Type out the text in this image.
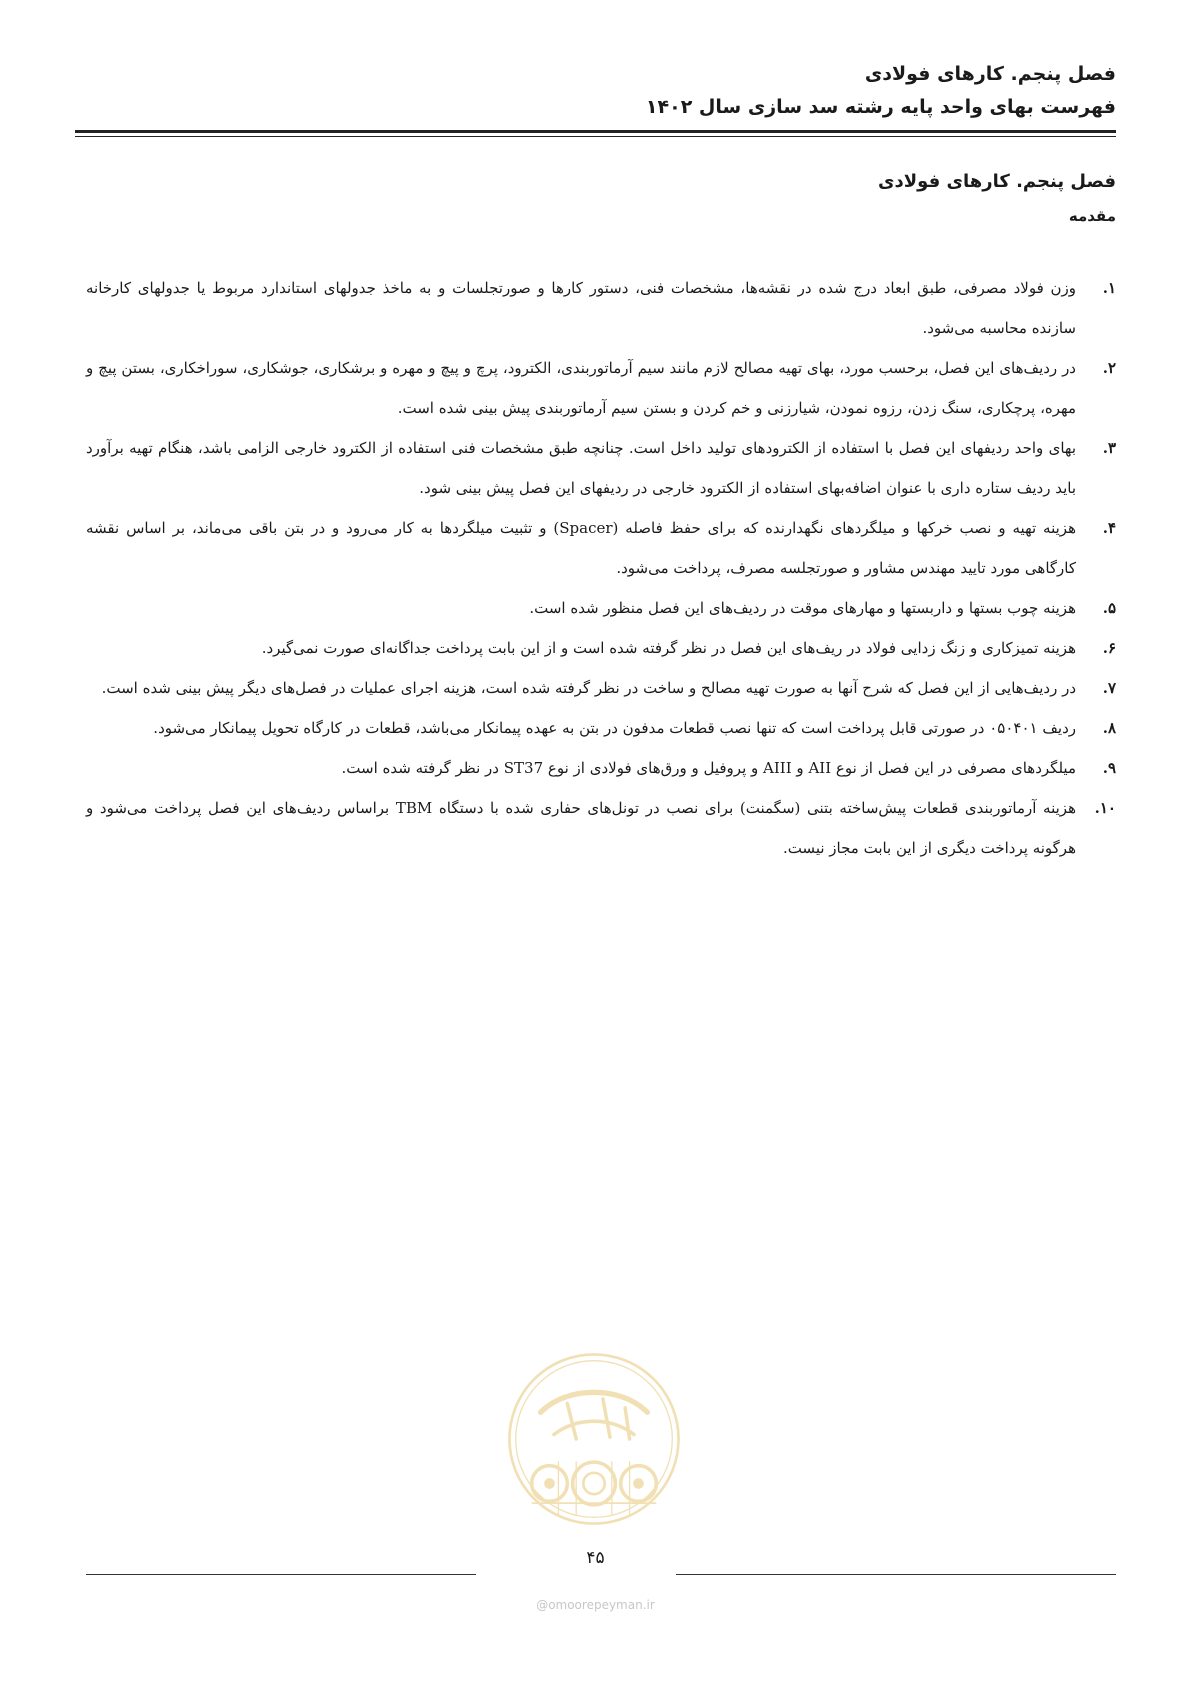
فصل پنجم. کارهای فولادی
فهرست بهای واحد پایه رشته سد سازی سال ۱۴۰۲
فصل پنجم. کارهای فولادی
مقدمه
۱.
وزن فولاد مصرفی، طبق ابعاد درج شده در نقشه‌ها، مشخصات فنی، دستور کارها و صورتجلسات و به ماخذ جدولهای استاندارد مربوط یا جدولهای کارخانه سازنده محاسبه می‌شود.
۲.
در ردیف‌های این فصل، برحسب مورد، بهای تهیه مصالح لازم مانند سیم آرماتوربندی، الکترود، پرچ و پیچ و مهره و برشکاری، جوشکاری، سوراخکاری، بستن پیچ و مهره، پرچکاری، سنگ زدن، رزوه نمودن، شیارزنی و خم کردن و بستن سیم آرماتوربندی پیش بینی شده است.
۳.
بهای واحد ردیفهای این فصل با استفاده از الکترودهای تولید داخل است. چنانچه طبق مشخصات فنی استفاده از الکترود خارجی الزامی باشد، هنگام تهیه برآورد باید ردیف ستاره داری با عنوان اضافه‌بهای استفاده از الکترود خارجی در ردیفهای این فصل پیش بینی شود.
۴.
هزینه تهیه و نصب خرکها و میلگردهای نگهدارنده که برای حفظ فاصله (Spacer) و تثبیت میلگردها به کار می‌رود و در بتن باقی می‌ماند، بر اساس نقشه کارگاهی مورد تایید مهندس مشاور و صورتجلسه مصرف، پرداخت می‌شود.
۵.
هزینه چوب بستها و داربستها و مهارهای موقت در ردیف‌های این فصل منظور شده است.
۶.
هزینه تمیزکاری و زنگ زدایی فولاد در ریف‌های این فصل در نظر گرفته شده است و از این بابت پرداخت جداگانه‌ای صورت نمی‌گیرد.
۷.
در ردیف‌هایی از این فصل که شرح آنها به صورت تهیه مصالح و ساخت در نظر گرفته شده است، هزینه اجرای عملیات در فصل‌های دیگر پیش بینی شده است.
۸.
ردیف ۰۵۰۴۰۱ در صورتی قابل پرداخت است که تنها نصب قطعات مدفون در بتن به عهده پیمانکار می‌باشد، قطعات در کارگاه تحویل پیمانکار می‌شود.
۹.
میلگردهای مصرفی در این فصل از نوع AII و AIII و پروفیل و ورق‌های فولادی از نوع ST37 در نظر گرفته شده است.
۱۰.
هزینه آرماتوربندی قطعات پیش‌ساخته بتنی (سگمنت) برای نصب در تونل‌های حفاری شده با دستگاه TBM براساس ردیف‌های این فصل پرداخت می‌شود و هرگونه پرداخت دیگری از این بابت مجاز نیست.
۴۵
@omoorepeyman.ir
